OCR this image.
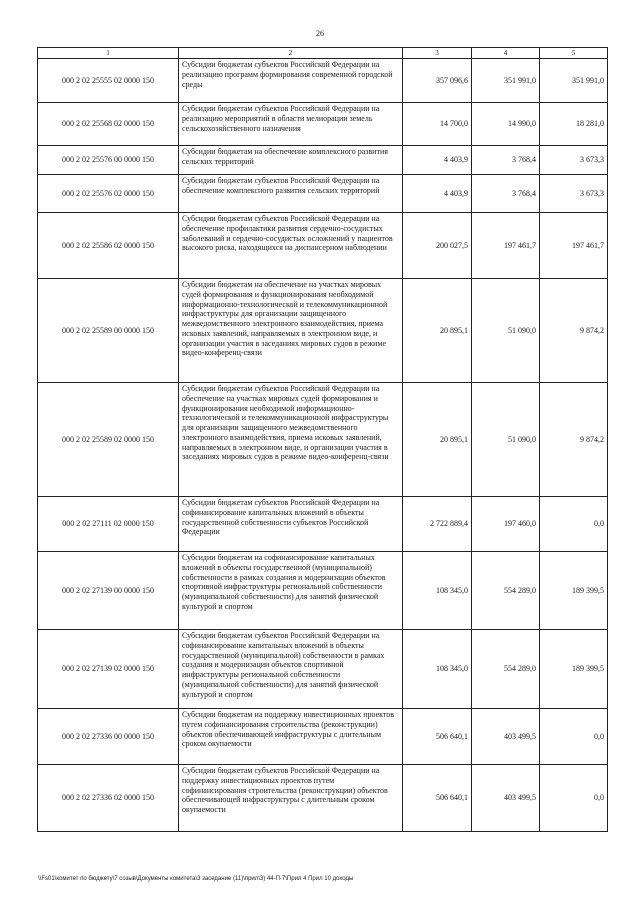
26
1	2	3	4	5
000 2 02 25555 02 0000 150	Субсидии бюджетам субъектов Российской Федерации на реализацию программ формирования современной городской среды	357 096,6	351 991,0	351 991,0
000 2 02 25568 02 0000 150	Субсидии бюджетам субъектов Российской Федерации на реализацию мероприятий в области мелиорации земель сельскохозяйственного назначения	14 700,0	14 990,0	18 281,0
000 2 02 25576 00 0000 150	Субсидии бюджетам на обеспечение комплексного развития сельских территорий	4 403,9	3 768,4	3 673,3
000 2 02 25576 02 0000 150	Субсидии бюджетам субъектов Российской Федерации на обеспечение комплексного развития сельских территорий	4 403,9	3 768,4	3 673,3
000 2 02 25586 02 0000 150	Субсидии бюджетам субъектов Российской Федерации на обеспечение профилактики развития сердечно-сосудистых заболеваний и сердечно-сосудистых осложнений у пациентов высокого риска, находящихся на диспансерном наблюдении	200 027,5	197 461,7	197 461,7
000 2 02 25589 00 0000 150	Субсидии бюджетам на обеспечение на участках мировых судей формирования и функционирования необходимой информационно-технологической и телекоммуникационной инфраструктуры для организации защищенного межведомственного электронного взаимодействия, приема исковых заявлений, направляемых в электронном виде, и организации участия в заседаниях мировых судов в режиме видео-конференц-связи	20 895,1	51 090,0	9 874,2
000 2 02 25589 02 0000 150	Субсидии бюджетам субъектов Российской Федерации на обеспечение на участках мировых судей формирования и функционирования необходимой информационно-технологической и телекоммуникационной инфраструктуры для организации защищенного межведомственного электронного взаимодействия, приема исковых заявлений, направляемых в электронном виде, и организации участия в заседаниях мировых судов в режиме видео-конференц-связи	20 895,1	51 090,0	9 874,2
000 2 02 27111 02 0000 150	Субсидии бюджетам субъектов Российской Федерации на софинансирование капитальных вложений в объекты государственной собственности субъектов Российской Федерации	2 722 889,4	197 460,0	0,0
000 2 02 27139 00 0000 150	Субсидии бюджетам на софинансирование капитальных вложений в объекты государственной (муниципальной) собственности в рамках создания и модернизации объектов спортивной инфраструктуры региональной собственности (муниципальной собственности) для занятий физической культурой и спортом	108 345,0	554 289,0	189 399,5
000 2 02 27139 02 0000 150	Субсидии бюджетам субъектов Российской Федерации на софинансирование капитальных вложений в объекты государственной (муниципальной) собственности в рамках создания и модернизации объектов спортивной инфраструктуры региональной собственности (муниципальной собственности) для занятий физической культурой и спортом	108 345,0	554 289,0	189 399,5
000 2 02 27336 00 0000 150	Субсидии бюджетам на поддержку инвестиционных проектов путем софинансирования строительства (реконструкции) объектов обеспечивающей инфраструктуры с длительным сроком окупаемости	506 640,1	403 499,5	0,0
000 2 02 27336 02 0000 150	Субсидии бюджетам субъектов Российской Федерации на поддержку инвестиционных проектов путем софинансирования строительства (реконструкции) объектов обеспечивающей инфраструктуры с длительным сроком окупаемости	506 640,1	403 499,5	0,0
\\Fs01\комитет по бюджету\7 созыв\Документы комитета\3 заседание (11)\прил\3) 44-П-7\Прил 4 Прил 10 доходы
